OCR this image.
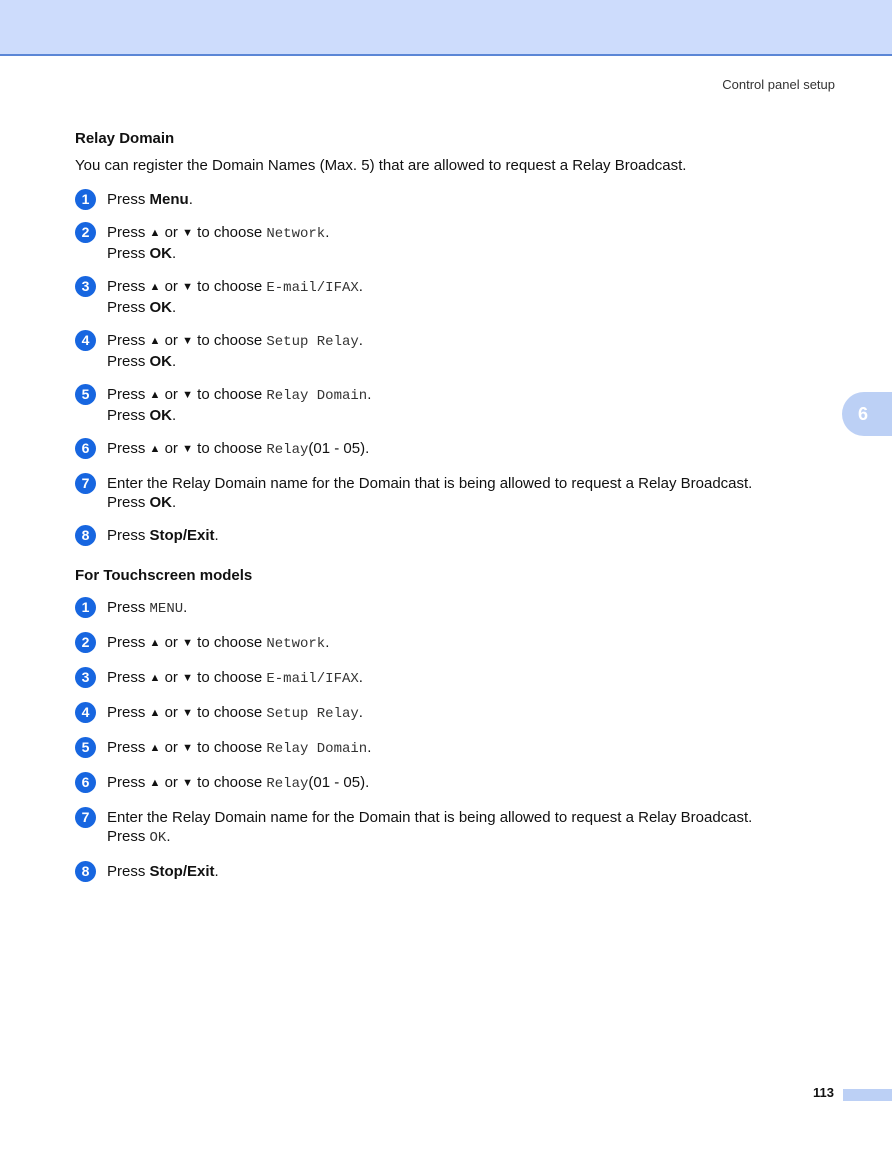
Control panel setup
6
Relay Domain

You can register the Domain Names (Max. 5) that are allowed to request a Relay Broadcast.

1	Press Menu.
2	Press ▲ or ▼ to choose Network.
Press OK.
3	Press ▲ or ▼ to choose E-mail/IFAX.
Press OK.
4	Press ▲ or ▼ to choose Setup Relay.
Press OK.
5	Press ▲ or ▼ to choose Relay Domain.
Press OK.
6	Press ▲ or ▼ to choose Relay(01 - 05).
7	Enter the Relay Domain name for the Domain that is being allowed to request a Relay Broadcast.
Press OK.
8	Press Stop/Exit.
For Touchscreen models
1	Press MENU.
2	Press ▲ or ▼ to choose Network.
3	Press ▲ or ▼ to choose E-mail/IFAX.
4	Press ▲ or ▼ to choose Setup Relay.
5	Press ▲ or ▼ to choose Relay Domain.
6	Press ▲ or ▼ to choose Relay(01 - 05).
7	Enter the Relay Domain name for the Domain that is being allowed to request a Relay Broadcast.
Press OK.
8	Press Stop/Exit.
113
